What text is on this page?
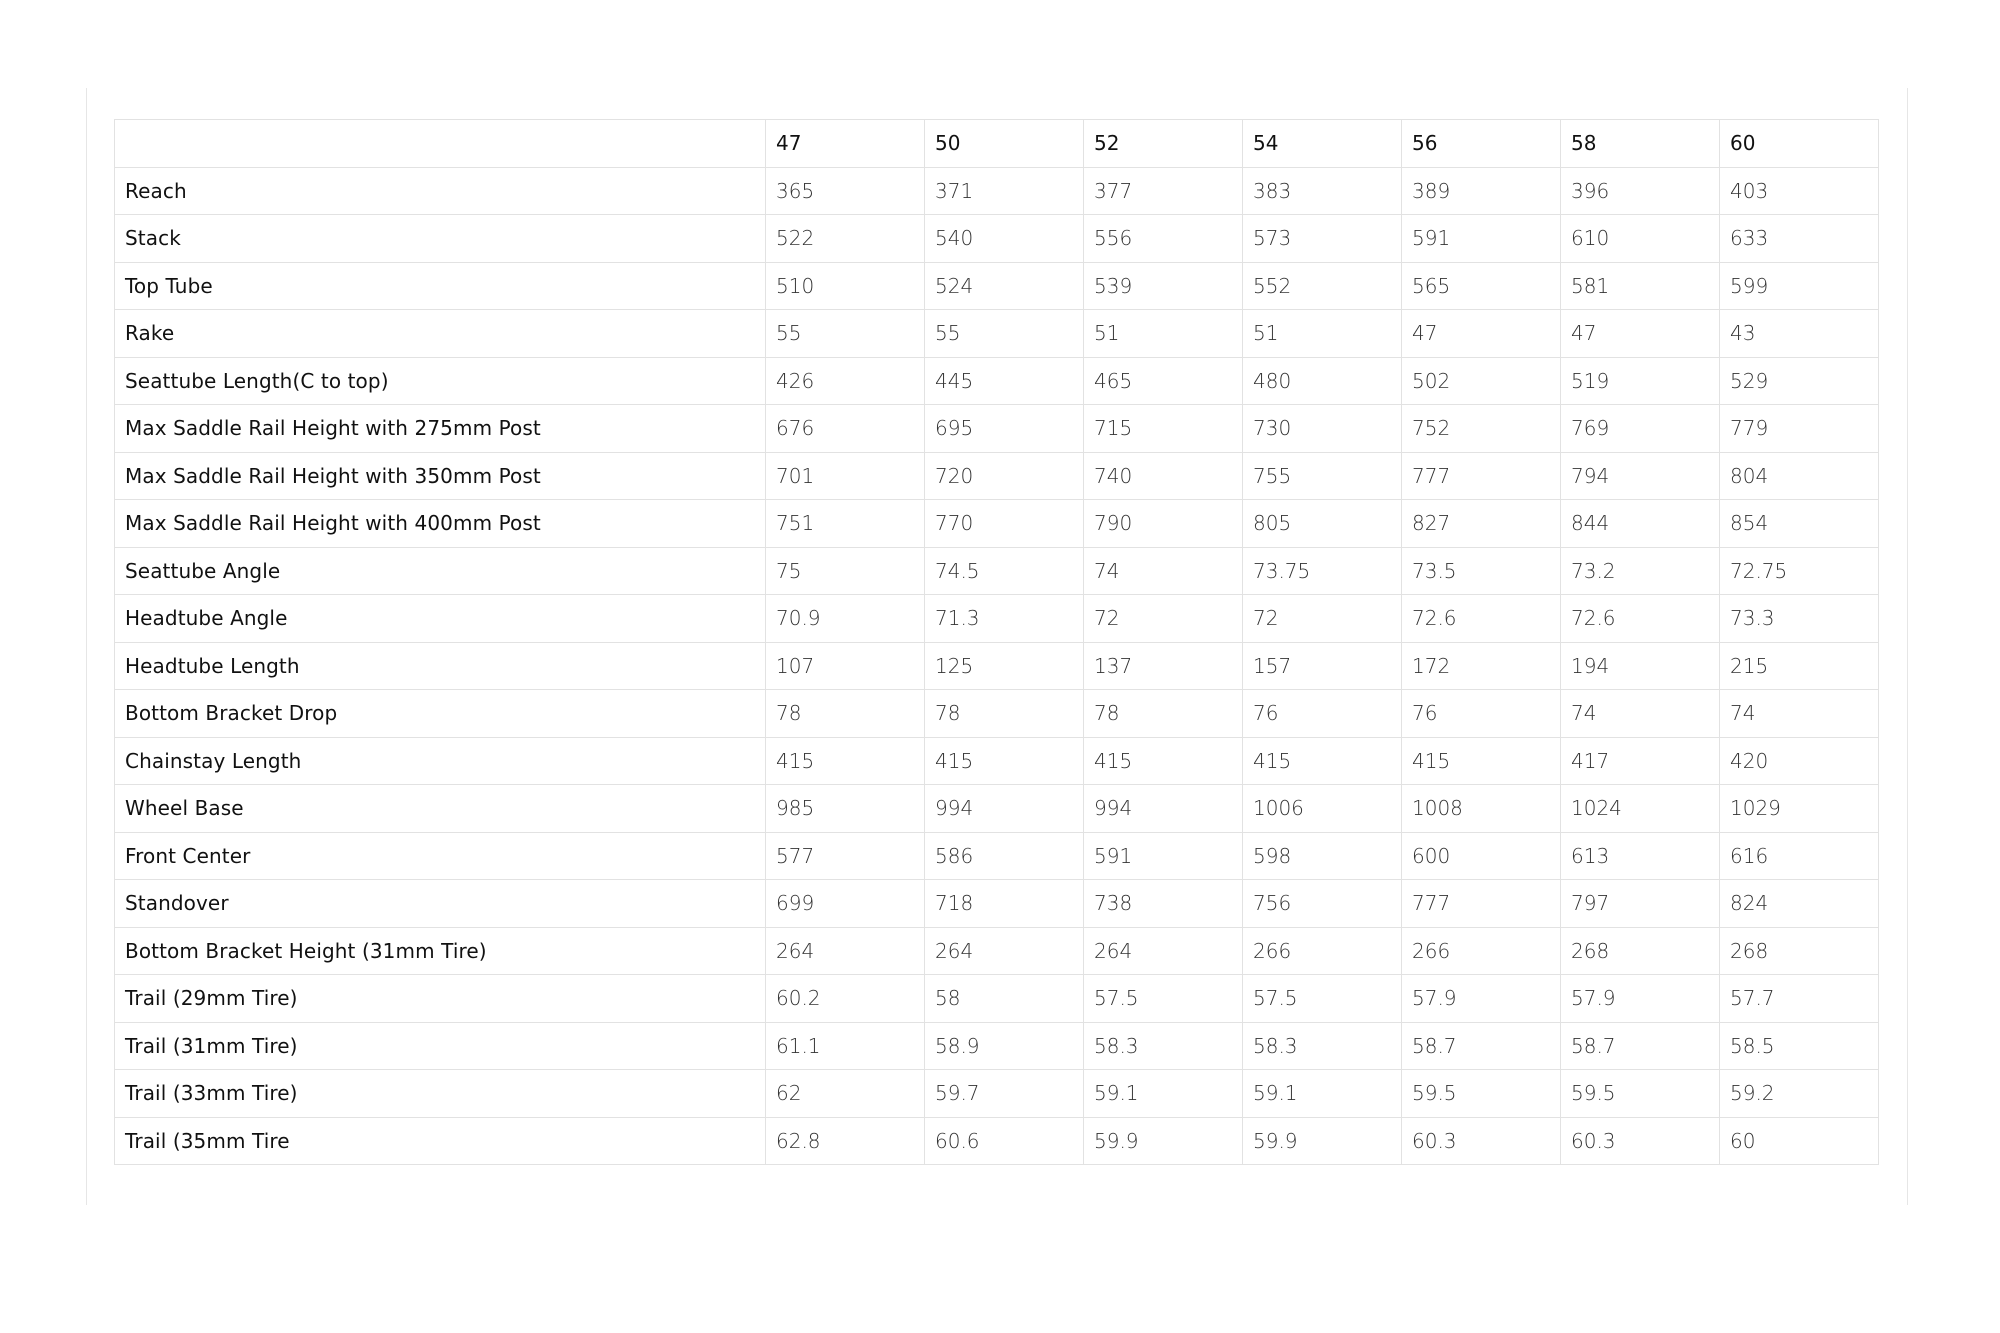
	47	50	52	54	56	58	60
Reach	365	371	377	383	389	396	403
Stack	522	540	556	573	591	610	633
Top Tube	510	524	539	552	565	581	599
Rake	55	55	51	51	47	47	43
Seattube Length(C to top)	426	445	465	480	502	519	529
Max Saddle Rail Height with 275mm Post	676	695	715	730	752	769	779
Max Saddle Rail Height with 350mm Post	701	720	740	755	777	794	804
Max Saddle Rail Height with 400mm Post	751	770	790	805	827	844	854
Seattube Angle	75	74.5	74	73.75	73.5	73.2	72.75
Headtube Angle	70.9	71.3	72	72	72.6	72.6	73.3
Headtube Length	107	125	137	157	172	194	215
Bottom Bracket Drop	78	78	78	76	76	74	74
Chainstay Length	415	415	415	415	415	417	420
Wheel Base	985	994	994	1006	1008	1024	1029
Front Center	577	586	591	598	600	613	616
Standover	699	718	738	756	777	797	824
Bottom Bracket Height (31mm Tire)	264	264	264	266	266	268	268
Trail (29mm Tire)	60.2	58	57.5	57.5	57.9	57.9	57.7
Trail (31mm Tire)	61.1	58.9	58.3	58.3	58.7	58.7	58.5
Trail (33mm Tire)	62	59.7	59.1	59.1	59.5	59.5	59.2
Trail (35mm Tire	62.8	60.6	59.9	59.9	60.3	60.3	60
